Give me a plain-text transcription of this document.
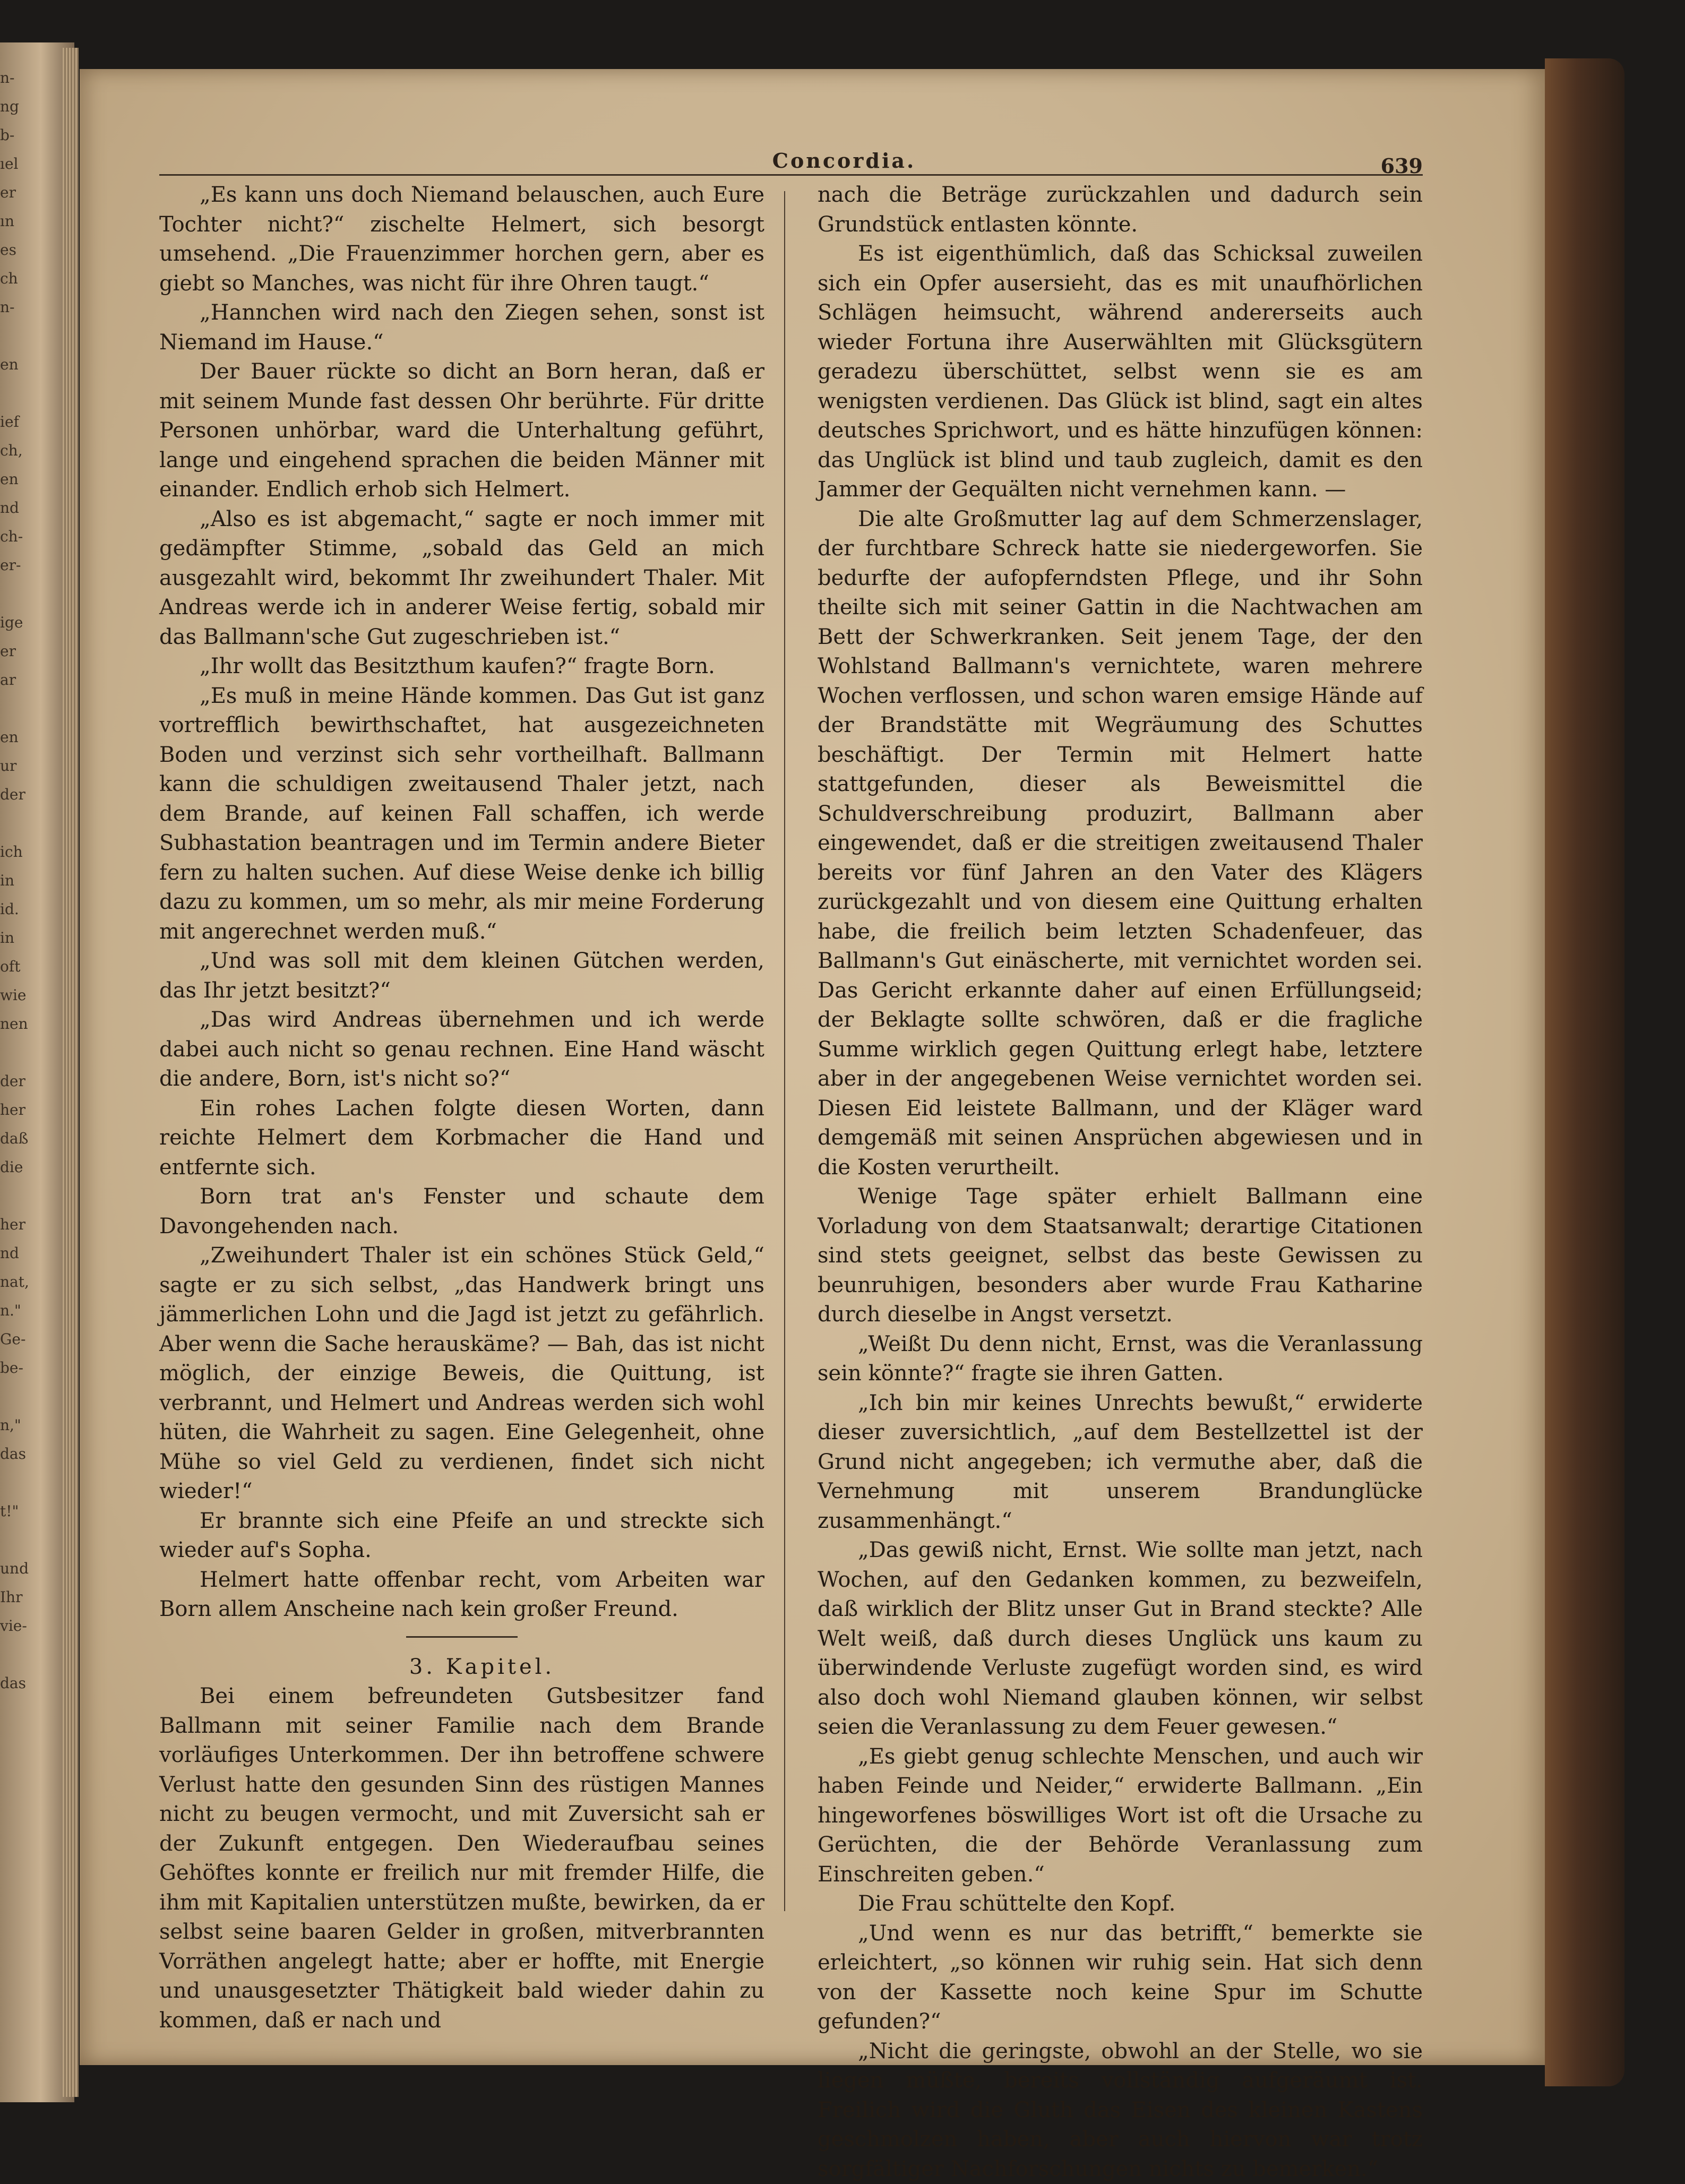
n-
ng
b-
ıel
er
ın
es
ch
n-

en

ief
ch,
en
nd
ch-
er-

ige
er
ar

en
ur
der

ich
in
id.
in
oft
wie
nen

der
her
daß
die

her
nd
nat,
n."
Ge-
be-

n,"
das

t!"

und
Ihr
vie-

das
Concordia.	639

„Es kann uns doch Niemand belauschen, auch Eure Tochter nicht?“ zischelte Helmert, sich besorgt umsehend. „Die Frauenzimmer horchen gern, aber es giebt so Manches, was nicht für ihre Ohren taugt.“

„Hannchen wird nach den Ziegen sehen, sonst ist Niemand im Hause.“

Der Bauer rückte so dicht an Born heran, daß er mit seinem Munde fast dessen Ohr berührte. Für dritte Personen unhörbar, ward die Unterhaltung geführt, lange und eingehend sprachen die beiden Männer mit einander. Endlich erhob sich Helmert.

„Also es ist abgemacht,“ sagte er noch immer mit gedämpfter Stimme, „sobald das Geld an mich ausgezahlt wird, bekommt Ihr zweihundert Thaler. Mit Andreas werde ich in anderer Weise fertig, sobald mir das Ballmann'sche Gut zugeschrieben ist.“

„Ihr wollt das Besitzthum kaufen?“ fragte Born.

„Es muß in meine Hände kommen. Das Gut ist ganz vortrefflich bewirthschaftet, hat ausgezeichneten Boden und verzinst sich sehr vortheilhaft. Ballmann kann die schuldigen zweitausend Thaler jetzt, nach dem Brande, auf keinen Fall schaffen, ich werde Subhastation beantragen und im Termin andere Bieter fern zu halten suchen. Auf diese Weise denke ich billig dazu zu kommen, um so mehr, als mir meine Forderung mit angerechnet werden muß.“

„Und was soll mit dem kleinen Gütchen werden, das Ihr jetzt besitzt?“

„Das wird Andreas übernehmen und ich werde dabei auch nicht so genau rechnen. Eine Hand wäscht die andere, Born, ist's nicht so?“

Ein rohes Lachen folgte diesen Worten, dann reichte Helmert dem Korbmacher die Hand und entfernte sich.

Born trat an's Fenster und schaute dem Davongehenden nach.

„Zweihundert Thaler ist ein schönes Stück Geld,“ sagte er zu sich selbst, „das Handwerk bringt uns jämmerlichen Lohn und die Jagd ist jetzt zu gefährlich. Aber wenn die Sache herauskäme? — Bah, das ist nicht möglich, der einzige Beweis, die Quittung, ist verbrannt, und Helmert und Andreas werden sich wohl hüten, die Wahrheit zu sagen. Eine Gelegenheit, ohne Mühe so viel Geld zu verdienen, findet sich nicht wieder!“

Er brannte sich eine Pfeife an und streckte sich wieder auf's Sopha.

Helmert hatte offenbar recht, vom Arbeiten war Born allem Anscheine nach kein großer Freund.

3. Kapitel.

Bei einem befreundeten Gutsbesitzer fand Ballmann mit seiner Familie nach dem Brande vorläufiges Unterkommen. Der ihn betroffene schwere Verlust hatte den gesunden Sinn des rüstigen Mannes nicht zu beugen vermocht, und mit Zuversicht sah er der Zukunft entgegen. Den Wiederaufbau seines Gehöftes konnte er freilich nur mit fremder Hilfe, die ihm mit Kapitalien unterstützen mußte, bewirken, da er selbst seine baaren Gelder in großen, mitverbrannten Vorräthen angelegt hatte; aber er hoffte, mit Energie und unausgesetzter Thätigkeit bald wieder dahin zu kommen, daß er nach und

nach die Beträge zurückzahlen und dadurch sein Grundstück entlasten könnte.

Es ist eigenthümlich, daß das Schicksal zuweilen sich ein Opfer ausersieht, das es mit unaufhörlichen Schlägen heimsucht, während andererseits auch wieder Fortuna ihre Auserwählten mit Glücksgütern geradezu überschüttet, selbst wenn sie es am wenigsten verdienen. Das Glück ist blind, sagt ein altes deutsches Sprichwort, und es hätte hinzufügen können: das Unglück ist blind und taub zugleich, damit es den Jammer der Gequälten nicht vernehmen kann. —

Die alte Großmutter lag auf dem Schmerzenslager, der furchtbare Schreck hatte sie niedergeworfen. Sie bedurfte der aufopferndsten Pflege, und ihr Sohn theilte sich mit seiner Gattin in die Nachtwachen am Bett der Schwerkranken. Seit jenem Tage, der den Wohlstand Ballmann's vernichtete, waren mehrere Wochen verflossen, und schon waren emsige Hände auf der Brandstätte mit Wegräumung des Schuttes beschäftigt. Der Termin mit Helmert hatte stattgefunden, dieser als Beweismittel die Schuldverschreibung produzirt, Ballmann aber eingewendet, daß er die streitigen zweitausend Thaler bereits vor fünf Jahren an den Vater des Klägers zurückgezahlt und von diesem eine Quittung erhalten habe, die freilich beim letzten Schadenfeuer, das Ballmann's Gut einäscherte, mit vernichtet worden sei. Das Gericht erkannte daher auf einen Erfüllungseid; der Beklagte sollte schwören, daß er die fragliche Summe wirklich gegen Quittung erlegt habe, letztere aber in der angegebenen Weise vernichtet worden sei. Diesen Eid leistete Ballmann, und der Kläger ward demgemäß mit seinen Ansprüchen abgewiesen und in die Kosten verurtheilt.

Wenige Tage später erhielt Ballmann eine Vorladung von dem Staatsanwalt; derartige Citationen sind stets geeignet, selbst das beste Gewissen zu beunruhigen, besonders aber wurde Frau Katharine durch dieselbe in Angst versetzt.

„Weißt Du denn nicht, Ernst, was die Veranlassung sein könnte?“ fragte sie ihren Gatten.

„Ich bin mir keines Unrechts bewußt,“ erwiderte dieser zuversichtlich, „auf dem Bestellzettel ist der Grund nicht angegeben; ich vermuthe aber, daß die Vernehmung mit unserem Brandunglücke zusammenhängt.“

„Das gewiß nicht, Ernst. Wie sollte man jetzt, nach Wochen, auf den Gedanken kommen, zu bezweifeln, daß wirklich der Blitz unser Gut in Brand steckte? Alle Welt weiß, daß durch dieses Unglück uns kaum zu überwindende Verluste zugefügt worden sind, es wird also doch wohl Niemand glauben können, wir selbst seien die Veranlassung zu dem Feuer gewesen.“

„Es giebt genug schlechte Menschen, und auch wir haben Feinde und Neider,“ erwiderte Ballmann. „Ein hingeworfenes böswilliges Wort ist oft die Ursache zu Gerüchten, die der Behörde Veranlassung zum Einschreiten geben.“

Die Frau schüttelte den Kopf.

„Und wenn es nur das betrifft,“ bemerkte sie erleichtert, „so können wir ruhig sein. Hat sich denn von der Kassette noch keine Spur im Schutte gefunden?“

„Nicht die geringste, obwohl an der Stelle, wo sie liegen müßte, bereits vollständig aufgeräumt ist. Freilich wird die Gluth das Eisen des kleinen Kastens geschmolzen haben, aber auch hiervon war trotz sorgfältiger Nachforschungen nichts zu bemerken.“
